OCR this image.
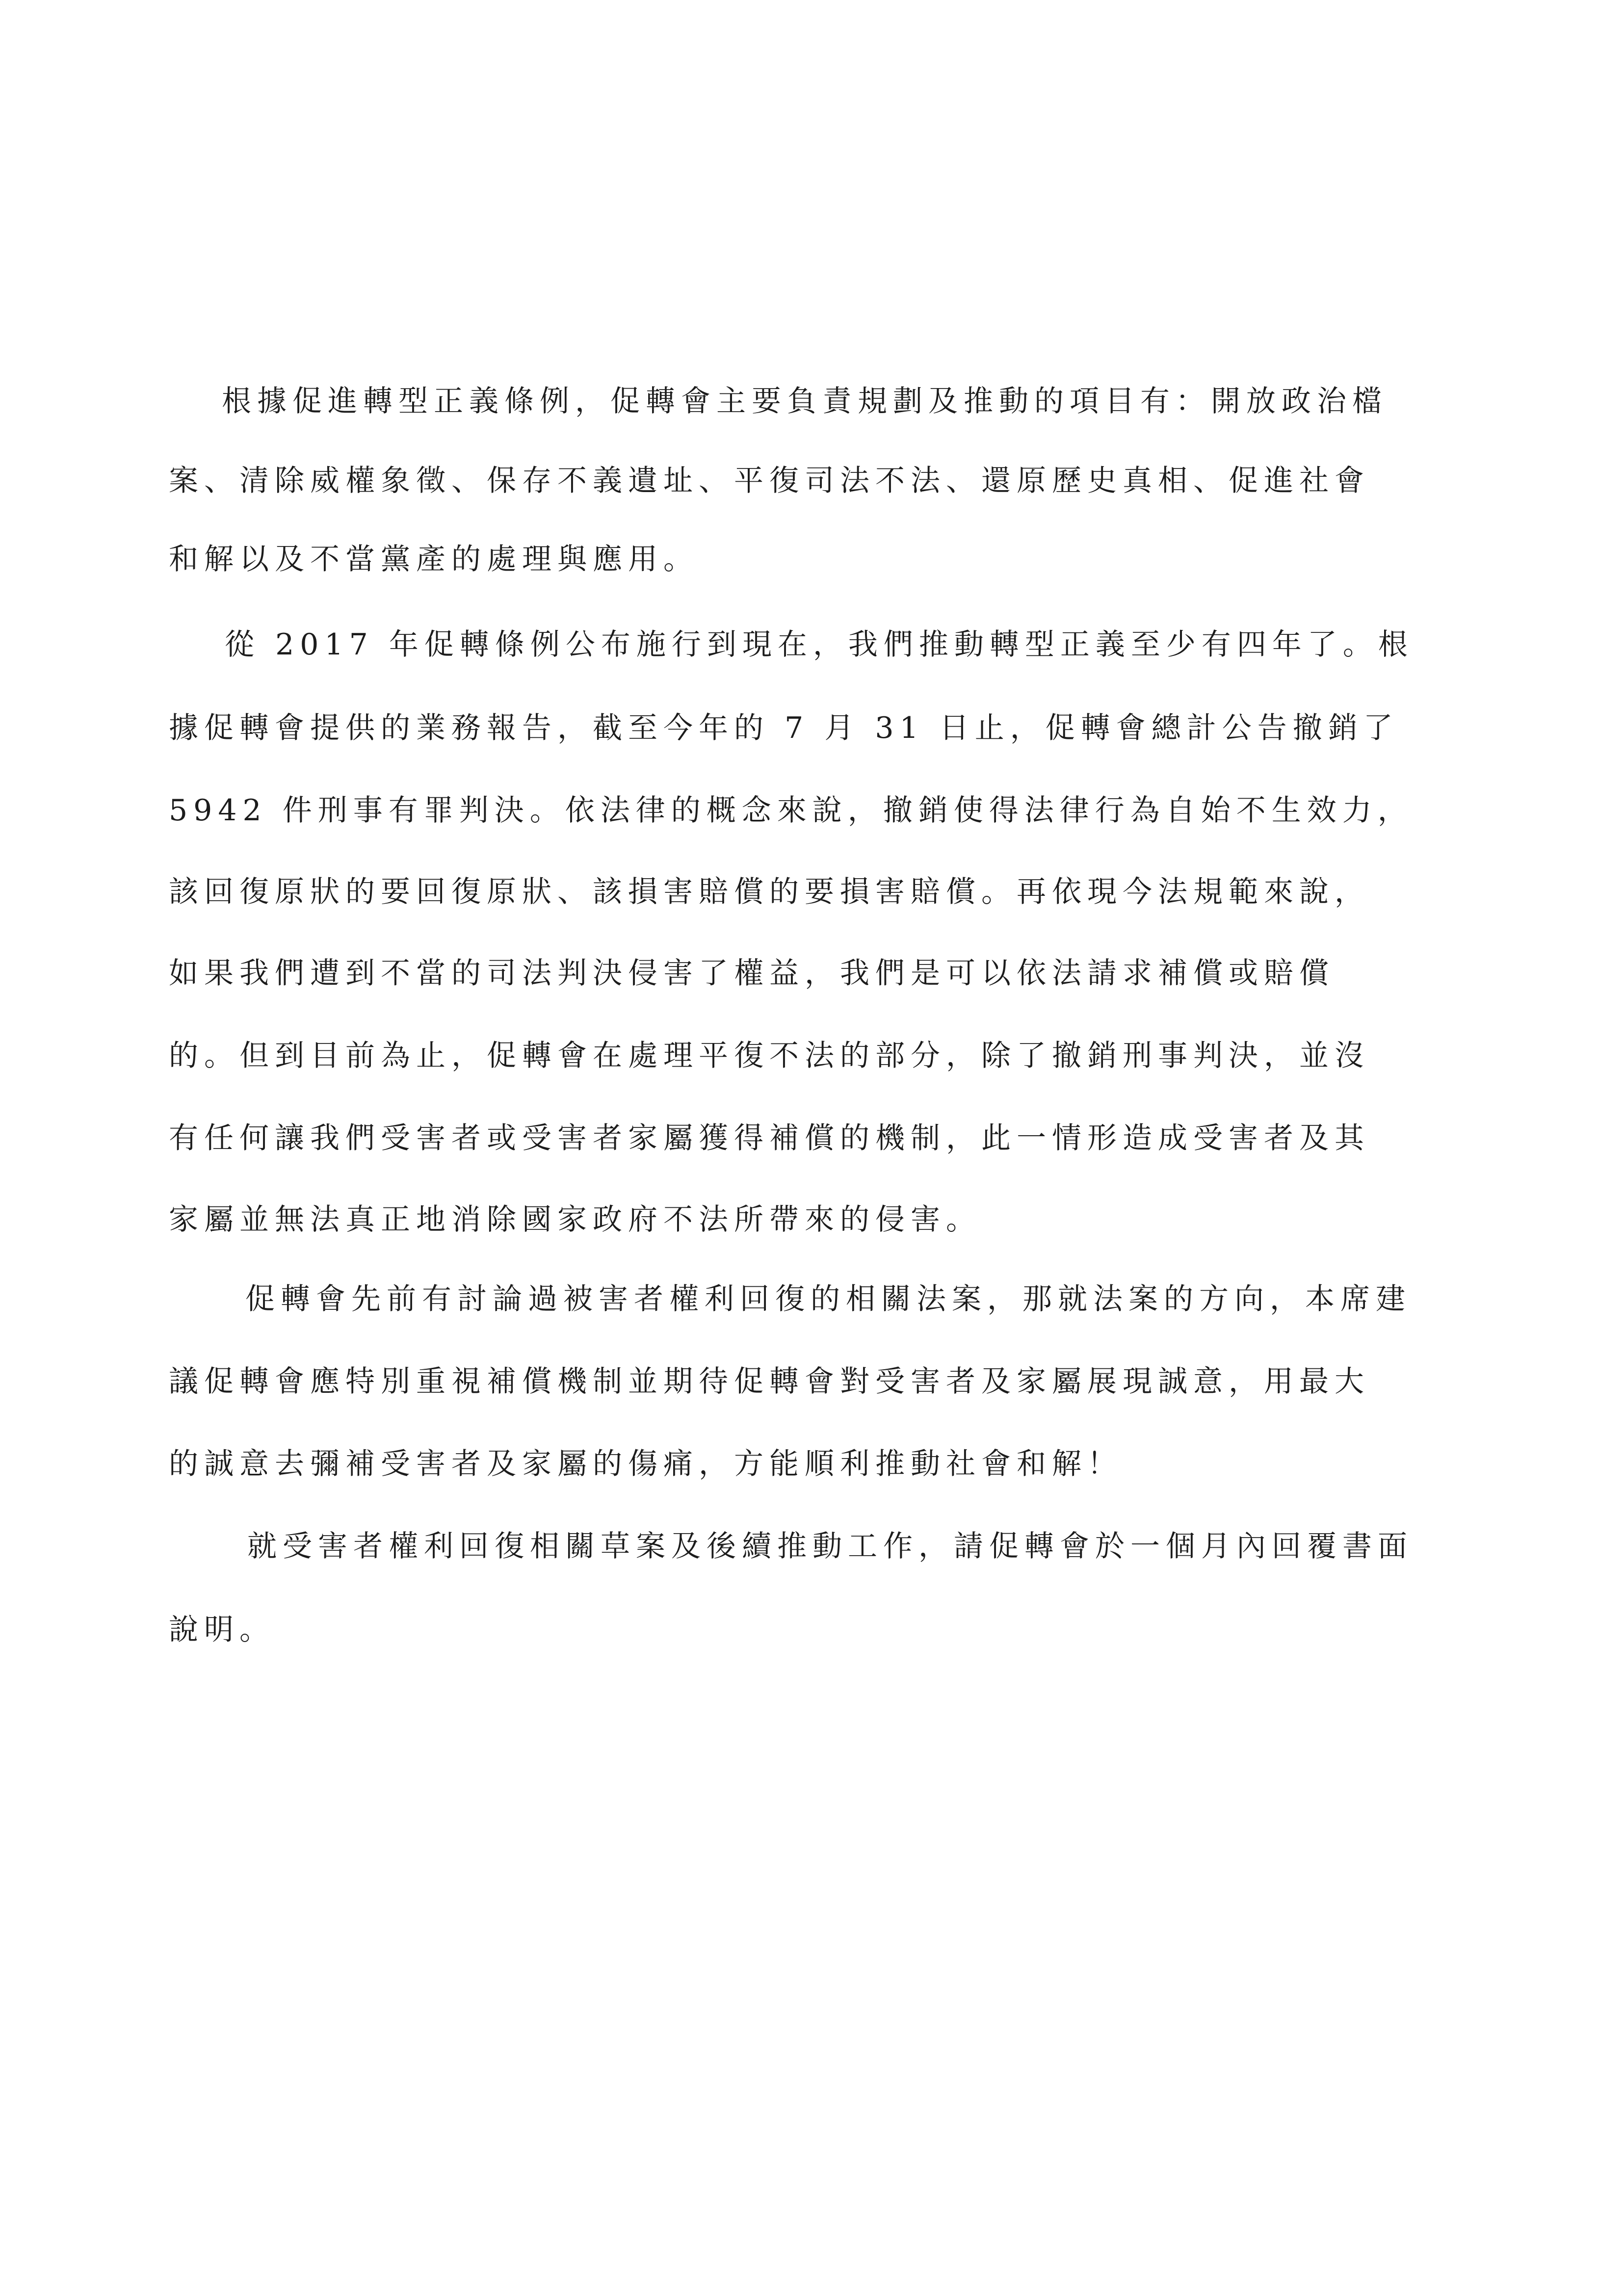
根據促進轉型正義條例，促轉會主要負責規劃及推動的項目有：開放政治檔

案、清除威權象徵、保存不義遺址、平復司法不法、還原歷史真相、促進社會

和解以及不當黨產的處理與應用。

從 2017 年促轉條例公布施行到現在，我們推動轉型正義至少有四年了。根

據促轉會提供的業務報告，截至今年的 7 月 31 日止，促轉會總計公告撤銷了

5942 件刑事有罪判決。依法律的概念來說，撤銷使得法律行為自始不生效力，

該回復原狀的要回復原狀、該損害賠償的要損害賠償。再依現今法規範來說，

如果我們遭到不當的司法判決侵害了權益，我們是可以依法請求補償或賠償

的。但到目前為止，促轉會在處理平復不法的部分，除了撤銷刑事判決，並沒

有任何讓我們受害者或受害者家屬獲得補償的機制，此一情形造成受害者及其

家屬並無法真正地消除國家政府不法所帶來的侵害。

促轉會先前有討論過被害者權利回復的相關法案，那就法案的方向，本席建

議促轉會應特別重視補償機制並期待促轉會對受害者及家屬展現誠意，用最大

的誠意去彌補受害者及家屬的傷痛，方能順利推動社會和解！

就受害者權利回復相關草案及後續推動工作，請促轉會於一個月內回覆書面

說明。
